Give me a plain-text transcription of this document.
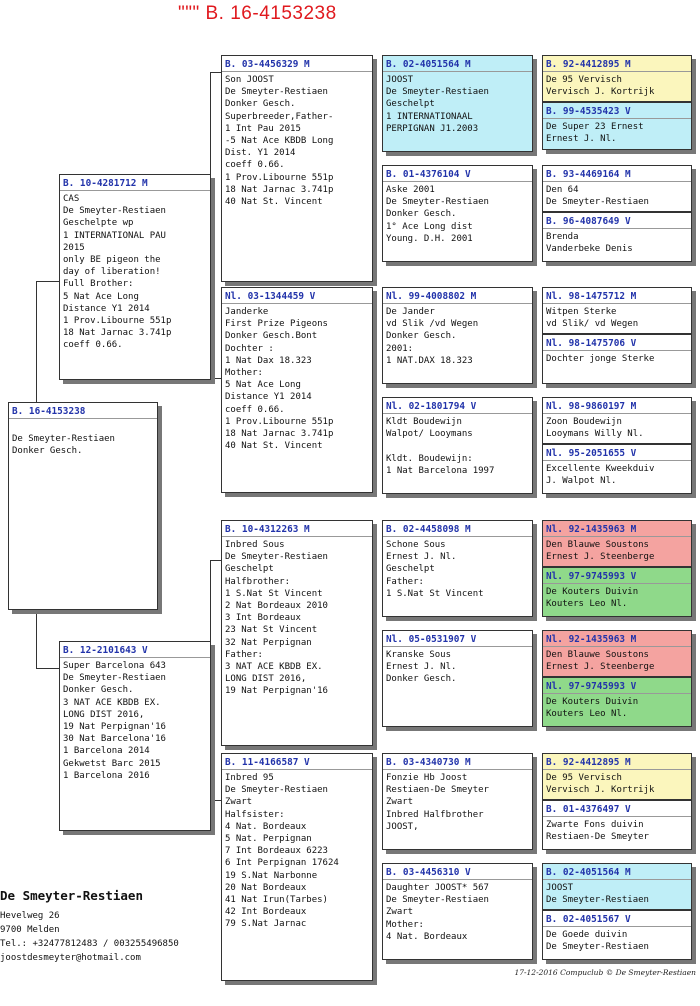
""" B. 16-4153238
B. 16-4153238

De Smeyter-Restiaen
Donker Gesch.
B. 10-4281712 M
CAS
De Smeyter-Restiaen
Geschelpte wp
1 INTERNATIONAL PAU
2015
only BE pigeon the
day of liberation!
Full Brother:
5 Nat Ace Long
Distance Y1 2014
1 Prov.Libourne 551p
18 Nat Jarnac 3.741p
coeff 0.66.
B. 12-2101643 V
Super Barcelona 643
De Smeyter-Restiaen
Donker Gesch.
3 NAT ACE KBDB EX.
LONG DIST 2016,
19 Nat Perpignan'16
30 Nat Barcelona'16
1 Barcelona 2014
Gekwetst Barc 2015
1 Barcelona 2016
B. 03-4456329 M
Son JOOST
De Smeyter-Restiaen
Donker Gesch.
Superbreeder,Father-
1 Int Pau 2015
-5 Nat Ace KBDB Long
Dist. Y1 2014
coeff 0.66.
1 Prov.Libourne 551p
18 Nat Jarnac 3.741p
40 Nat St. Vincent
Nl. 03-1344459 V
Janderke
First Prize Pigeons
Donker Gesch.Bont
Dochter :
1 Nat Dax 18.323
Mother:
5 Nat Ace Long
Distance Y1 2014
coeff 0.66.
1 Prov.Libourne 551p
18 Nat Jarnac 3.741p
40 Nat St. Vincent
B. 10-4312263 M
Inbred Sous
De Smeyter-Restiaen
Geschelpt
Halfbrother:
1 S.Nat St Vincent
2 Nat Bordeaux 2010
3 Int Bordeaux
23 Nat St Vincent
32 Nat Perpignan
Father:
3 NAT ACE KBDB EX.
LONG DIST 2016,
19 Nat Perpignan'16
B. 11-4166587 V
Inbred 95
De Smeyter-Restiaen
Zwart
Halfsister:
4 Nat. Bordeaux
5 Nat. Perpignan
7 Int Bordeaux 6223
6 Int Perpignan 17624
19 S.Nat Narbonne
20 Nat Bordeaux
41 Nat Irun(Tarbes)
42 Int Bordeaux
79 S.Nat Jarnac
B. 02-4051564 M
JOOST
De Smeyter-Restiaen
Geschelpt
1 INTERNATIONAAL
PERPIGNAN J1.2003
B. 01-4376104 V
Aske 2001
De Smeyter-Restiaen
Donker Gesch.
1° Ace Long dist
Young. D.H. 2001
Nl. 99-4008802 M
De Jander
vd Slik /vd Wegen
Donker Gesch.
2001:
1 NAT.DAX 18.323
Nl. 02-1801794 V
Kldt Boudewijn
Walpot/ Looymans

Kldt. Boudewijn:
1 Nat Barcelona 1997
B. 02-4458098 M
Schone Sous
Ernest J. Nl.
Geschelpt
Father:
1 S.Nat St Vincent
Nl. 05-0531907 V
Kranske Sous
Ernest J. Nl.
Donker Gesch.
B. 03-4340730 M
Fonzie Hb Joost
Restiaen-De Smeyter
Zwart
Inbred Halfbrother
JOOST,
B. 03-4456310 V
Daughter JOOST* 567
De Smeyter-Restiaen
Zwart
Mother:
4 Nat. Bordeaux
B. 92-4412895 M
De 95 Vervisch
Vervisch J. Kortrijk
B. 99-4535423 V
De Super 23 Ernest
Ernest J. Nl.
B. 93-4469164 M
Den 64
De Smeyter-Restiaen
B. 96-4087649 V
Brenda
Vanderbeke Denis
Nl. 98-1475712 M
Witpen Sterke
vd Slik/ vd Wegen
Nl. 98-1475706 V
Dochter jonge Sterke
Nl. 98-9860197 M
Zoon Boudewijn
Looymans Willy Nl.
Nl. 95-2051655 V
Excellente Kweekduiv
J. Walpot Nl.
Nl. 92-1435963 M
Den Blauwe Soustons
Ernest J. Steenberge
Nl. 97-9745993 V
De Kouters Duivin
Kouters Leo Nl.
Nl. 92-1435963 M
Den Blauwe Soustons
Ernest J. Steenberge
Nl. 97-9745993 V
De Kouters Duivin
Kouters Leo Nl.
B. 92-4412895 M
De 95 Vervisch
Vervisch J. Kortrijk
B. 01-4376497 V
Zwarte Fons duivin
Restiaen-De Smeyter
B. 02-4051564 M
JOOST
De Smeyter-Restiaen
B. 02-4051567 V
De Goede duivin
De Smeyter-Restiaen
De Smeyter-Restiaen
Hevelweg 26
9700 Melden
Tel.: +32477812483 / 003255496850
joostdesmeyter@hotmail.com
17-12-2016 Compuclub © De Smeyter-Restiaen
